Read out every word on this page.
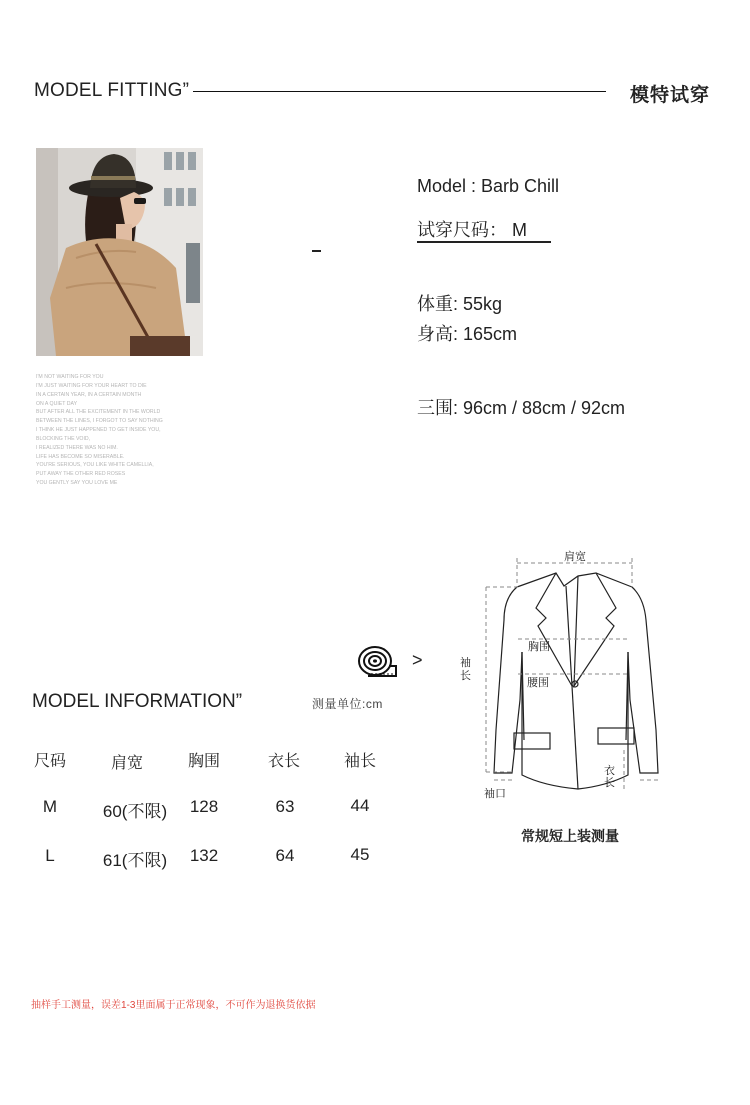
MODEL FITTING”	模特试穿
I'M NOT WAITING FOR YOU
I'M JUST WAITING FOR YOUR HEART TO DIE
IN A CERTAIN YEAR, IN A CERTAIN MONTH
ON A QUIET DAY
BUT AFTER ALL THE EXCITEMENT IN THE WORLD
BETWEEN THE LINES, I FORGOT TO SAY NOTHING
I THINK HE JUST HAPPENED TO GET INSIDE YOU,
BLOCKING THE VOID,
I REALIZED THERE WAS NO HIM.
LIFE HAS BECOME SO MISERABLE.
YOU'RE SERIOUS, YOU LIKE WHITE CAMELLIA,
PUT AWAY THE OTHER RED ROSES
YOU GENTLY SAY YOU LOVE ME
Model : Barb Chill
试穿尺码： M
体重: 55kg
身高: 165cm
三围: 96cm / 88cm / 92cm
MODEL INFORMATION”
>
测量单位:cm
尺码	肩宽	胸围	衣长	袖长
M	60(不限) 128	63	44
L	61(不限) 132	64	45
肩宽
胸围
腰围
袖
长
衣
长
袖口
常规短上装测量
抽样手工测量，误差1-3里面属于正常现象，不可作为退换货依据
